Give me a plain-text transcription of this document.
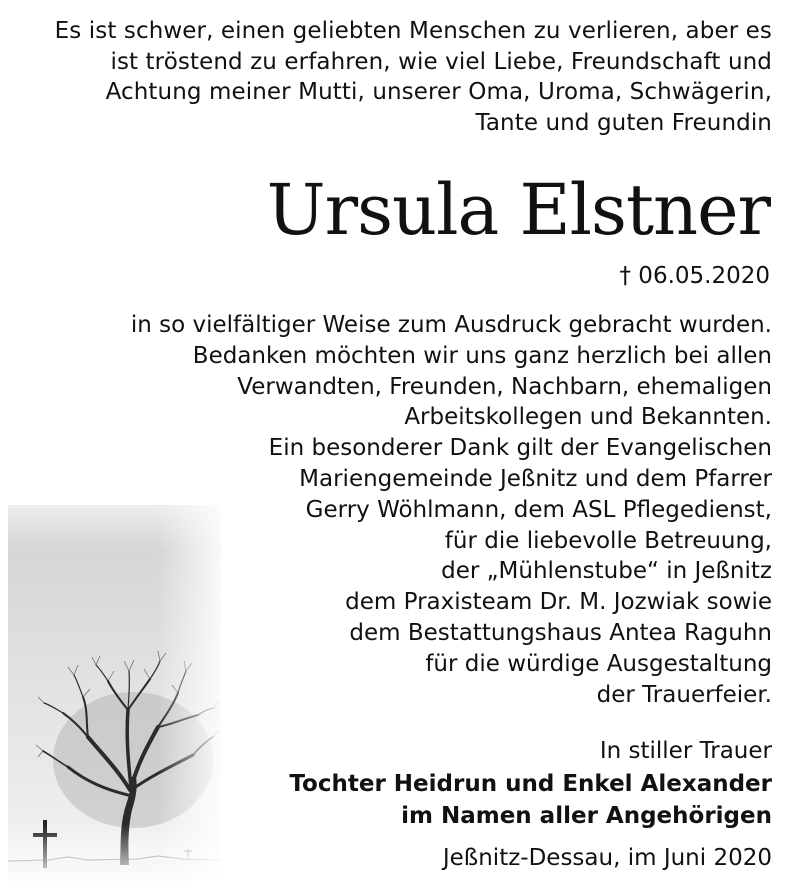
Es ist schwer, einen geliebten Menschen zu verlieren, aber es
ist tröstend zu erfahren, wie viel Liebe, Freundschaft und
Achtung meiner Mutti, unserer Oma, Uroma, Schwägerin,
Tante und guten Freundin
Ursula Elstner
† 06.05.2020
in so vielfältiger Weise zum Ausdruck gebracht wurden.
Bedanken möchten wir uns ganz herzlich bei allen
Verwandten, Freunden, Nachbarn, ehemaligen
Arbeitskollegen und Bekannten.
Ein besonderer Dank gilt der Evangelischen
Mariengemeinde Jeßnitz und dem Pfarrer
Gerry Wöhlmann, dem ASL Pflegedienst,
für die liebevolle Betreuung,
der „Mühlenstube“ in Jeßnitz
dem Praxisteam Dr. M. Jozwiak sowie
dem Bestattungshaus Antea Raguhn
für die würdige Ausgestaltung
der Trauerfeier.
In stiller Trauer
Tochter Heidrun und Enkel Alexander
im Namen aller Angehörigen
Jeßnitz-Dessau, im Juni 2020
